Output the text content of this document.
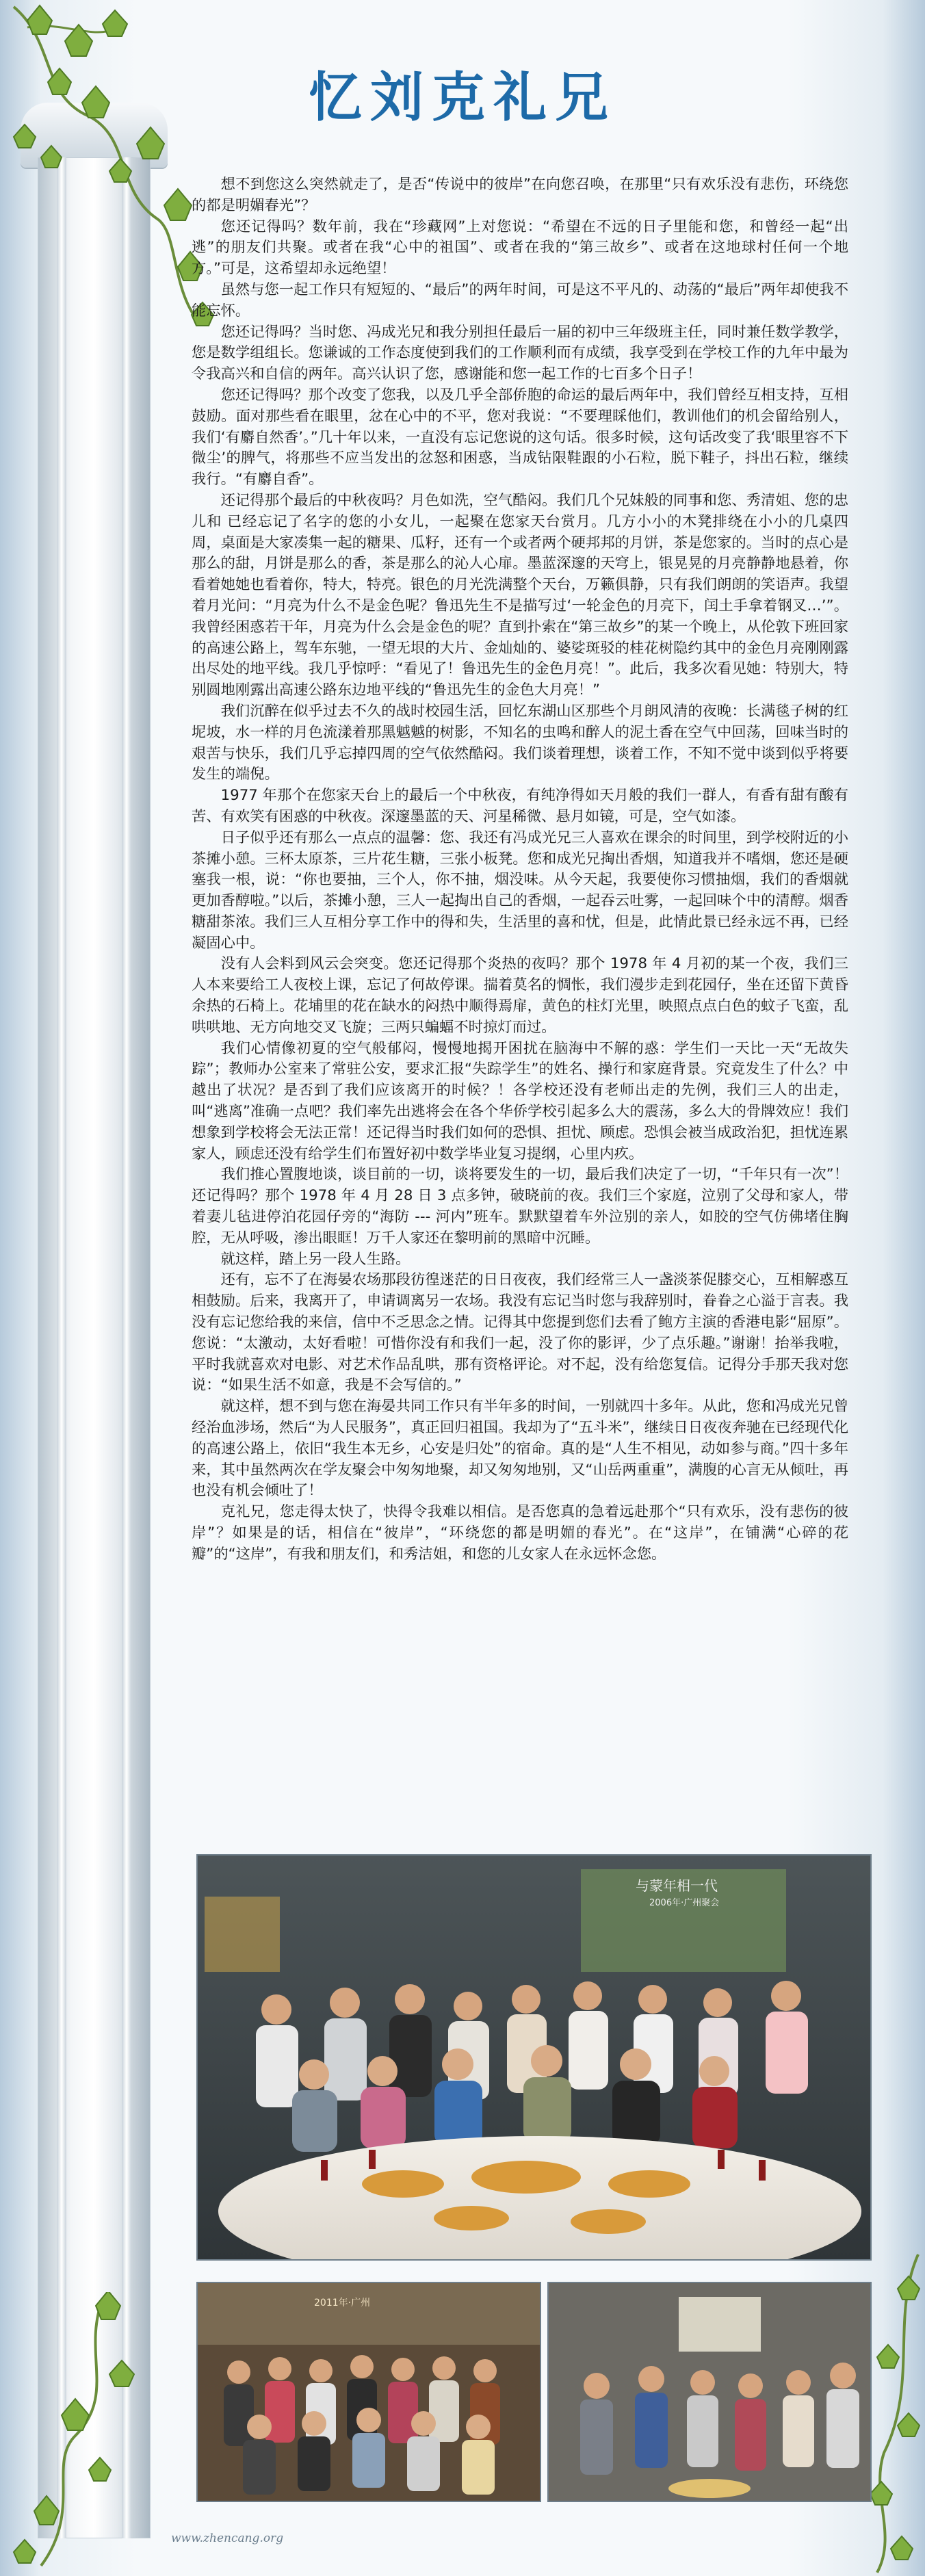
忆刘克礼兄

想不到您这么突然就走了，是否“传说中的彼岸”在向您召唤，在那里“只有欢乐没有悲伤，环绕您的都是明媚春光”？

您还记得吗？数年前，我在“珍藏网”上对您说：“希望在不远的日子里能和您，和曾经一起“出逃”的朋友们共聚。或者在我“心中的祖国”、或者在我的“第三故乡”、或者在这地球村任何一个地方。”可是，这希望却永远绝望！

虽然与您一起工作只有短短的、“最后”的两年时间，可是这不平凡的、动荡的“最后”两年却使我不能忘怀。

您还记得吗？当时您、冯成光兄和我分别担任最后一届的初中三年级班主任，同时兼任数学教学，您是数学组组长。您谦诚的工作态度使到我们的工作顺利而有成绩，我享受到在学校工作的九年中最为令我高兴和自信的两年。高兴认识了您，感谢能和您一起工作的七百多个日子！

您还记得吗？那个改变了您我，以及几乎全部侨胞的命运的最后两年中，我们曾经互相支持，互相鼓励。面对那些看在眼里，忿在心中的不平，您对我说：“不要理睬他们，教训他们的机会留给别人，我们‘有麝自然香’。”几十年以来，一直没有忘记您说的这句话。很多时候，这句话改变了我‘眼里容不下微尘’的脾气，将那些不应当发出的忿怒和困惑，当成钻限鞋跟的小石粒，脱下鞋子，抖出石粒，继续我行。“有麝自香”。

还记得那个最后的中秋夜吗？月色如洗，空气酷闷。我们几个兄妹般的同事和您、秀清姐、您的忠儿和 已经忘记了名字的您的小女儿，一起聚在您家天台赏月。几方小小的木凳排绕在小小的几桌四周，桌面是大家凑集一起的糖果、瓜籽，还有一个或者两个硬邦邦的月饼，茶是您家的。当时的点心是那么的甜，月饼是那么的香，茶是那么的沁人心扉。墨蓝深邃的天穹上，银晃晃的月亮静静地悬着，你看着她她也看着你，特大，特亮。银色的月光洗满整个天台，万籁俱静，只有我们朗朗的笑语声。我望着月光问：“月亮为什么不是金色呢？鲁迅先生不是描写过‘一轮金色的月亮下，闰土手拿着钢叉…’”。我曾经困惑若干年，月亮为什么会是金色的呢？直到扑索在“第三故乡”的某一个晚上，从伦敦下班回家的高速公路上，驾车东驰，一望无垠的大片、金灿灿的、婆娑斑驳的桂花树隐约其中的金色月亮刚刚露出尽处的地平线。我几乎惊呼：“看见了！鲁迅先生的金色月亮！”。此后，我多次看见她：特别大，特别圆地刚露出高速公路东边地平线的“鲁迅先生的金色大月亮！”

我们沉醉在似乎过去不久的战时校园生活，回忆东湖山区那些个月朗风清的夜晚：长满毯子树的红坭坡，水一样的月色流漾着那黑魆魆的树影，不知名的虫鸣和醉人的泥土香在空气中回荡，回味当时的艰苦与快乐，我们几乎忘掉四周的空气依然酷闷。我们谈着理想，谈着工作，不知不觉中谈到似乎将要发生的端倪。

1977 年那个在您家天台上的最后一个中秋夜，有纯净得如天月般的我们一群人，有香有甜有酸有苦、有欢笑有困惑的中秋夜。深邃墨蓝的天、河星稀微、悬月如镜，可是，空气如漆。

日子似乎还有那么一点点的温馨：您、我还有冯成光兄三人喜欢在课余的时间里，到学校附近的小茶摊小憩。三杯太原茶，三片花生糖，三张小板凳。您和成光兄掏出香烟，知道我并不嗜烟，您还是硬塞我一根，说：“你也要抽，三个人，你不抽，烟没味。从今天起，我要使你习惯抽烟，我们的香烟就更加香醇啦。”以后，茶摊小憩，三人一起掏出自己的香烟，一起吞云吐雾，一起回味个中的清醇。烟香糖甜茶浓。我们三人互相分享工作中的得和失，生活里的喜和忧，但是，此情此景已经永远不再，已经凝固心中。

没有人会料到风云会突变。您还记得那个炎热的夜吗？那个 1978 年 4 月初的某一个夜，我们三人本来要给工人夜校上课，忘记了何故停课。揣着莫名的惆怅，我们漫步走到花园仔，坐在还留下黄昏余热的石椅上。花埔里的花在缺水的闷热中顺得焉扉，黄色的柱灯光里，映照点点白色的蚊子飞蛮，乱哄哄地、无方向地交叉飞旋；三两只蝙蝠不时掠灯而过。

我们心情像初夏的空气般郁闷，慢慢地揭开困扰在脑海中不解的惑：学生们一天比一天“无故失踪”；教师办公室来了常驻公安，要求汇报“失踪学生”的姓名、操行和家庭背景。究竟发生了什么？中越出了状况？是否到了我们应该离开的时候？！各学校还没有老师出走的先例，我们三人的出走，叫“逃离”准确一点吧？我们率先出逃将会在各个华侨学校引起多么大的震荡，多么大的骨牌效应！我们想象到学校将会无法正常！还记得当时我们如何的恐惧、担忧、顾虑。恐惧会被当成政治犯，担忧连累家人，顾虑还没有给学生们布置好初中数学毕业复习提纲，心里内疚。

我们推心置腹地谈，谈目前的一切，谈将要发生的一切，最后我们决定了一切，“千年只有一次”！还记得吗？那个 1978 年 4 月 28 日 3 点多钟，破晓前的夜。我们三个家庭，泣别了父母和家人，带着妻儿毡进停泊花园仔旁的“海防 --- 河内”班车。默默望着车外泣别的亲人，如胶的空气仿佛堵住胸腔，无从呼吸，渗出眼眶！万千人家还在黎明前的黑暗中沉睡。

就这样，踏上另一段人生路。

还有，忘不了在海晏农场那段彷徨迷茫的日日夜夜，我们经常三人一盏淡茶促膝交心，互相解惑互相鼓励。后来，我离开了，申请调离另一农场。我没有忘记当时您与我辞别时，眷眷之心溢于言表。我没有忘记您给我的来信，信中不乏思念之情。记得其中您提到您们去看了鲍方主演的香港电影“屈原”。您说：“太激动，太好看啦！可惜你没有和我们一起，没了你的影评，少了点乐趣。”谢谢！抬举我啦，平时我就喜欢对电影、对艺术作品乱哄，那有资格评论。对不起，没有给您复信。记得分手那天我对您说：“如果生活不如意，我是不会写信的。”

就这样，想不到与您在海晏共同工作只有半年多的时间，一别就四十多年。从此，您和冯成光兄曾经治血涉场，然后“为人民服务”，真正回归祖国。我却为了“五斗米”，继续日日夜夜奔驰在已经现代化的高速公路上，依旧“我生本无乡，心安是归处”的宿命。真的是“人生不相见，动如参与商。”四十多年来，其中虽然两次在学友聚会中匆匆地聚，却又匆匆地别，又“山岳两重重”，满腹的心言无从倾吐，再也没有机会倾吐了！

克礼兄，您走得太快了，快得令我难以相信。是否您真的急着远赴那个“只有欢乐，没有悲伤的彼岸”？如果是的话，相信在“彼岸”，“环绕您的都是明媚的春光”。在“这岸”，在铺满“心碎的花瓣”的“这岸”，有我和朋友们，和秀洁姐，和您的儿女家人在永远怀念您。

与蒙年相一代
2006年·广州聚会
2011年·广州
www.zhencang.org
